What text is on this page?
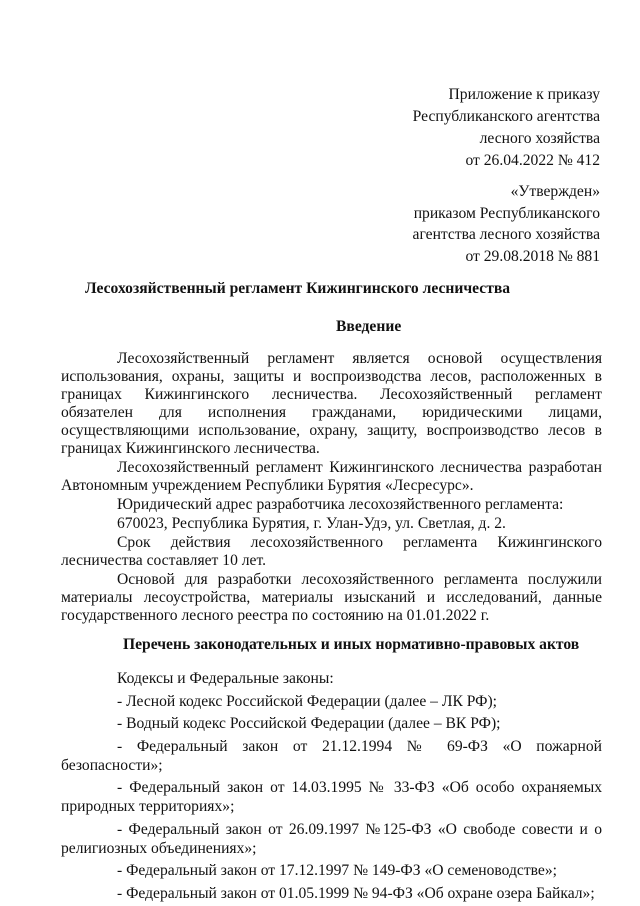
Приложение к приказу
Республиканского агентства
лесного хозяйства
от 26.04.2022 № 412
«Утвержден»
приказом Республиканского
агентства лесного хозяйства
от 29.08.2018 № 881
Лесохозяйственный регламент Кижингинского лесничества
Введение

Лесохозяйственный регламент является основой осуществления использования, охраны, защиты и воспроизводства лесов, расположенных в границах Кижингинского лесничества. Лесохозяйственный регламент обязателен для исполнения гражданами, юридическими лицами, осуществляющими использование, охрану, защиту, воспроизводство лесов в границах Кижингинского лесничества.

Лесохозяйственный регламент Кижингинского лесничества разработан Автономным учреждением Республики Бурятия «Лесресурс».

Юридический адрес разработчика лесохозяйственного регламента:

670023, Республика Бурятия, г. Улан-Удэ, ул. Светлая, д. 2.

Срок действия лесохозяйственного регламента Кижингинского лесничества составляет 10 лет.

Основой для разработки лесохозяйственного регламента послужили материалы лесоустройства, материалы изысканий и исследований, данные государственного лесного реестра по состоянию на 01.01.2022 г.

Перечень законодательных и иных нормативно-правовых актов

Кодексы и Федеральные законы:

- Лесной кодекс Российской Федерации (далее – ЛК РФ);

- Водный кодекс Российской Федерации (далее – ВК РФ);

- Федеральный закон от 21.12.1994 № 69-ФЗ «О пожарной безопасности»;

- Федеральный закон от 14.03.1995 № 33-ФЗ «Об особо охраняемых природных территориях»;

- Федеральный закон от 26.09.1997 №125-ФЗ «О свободе совести и о религиозных объединениях»;

- Федеральный закон от 17.12.1997 № 149-ФЗ «О семеноводстве»;

- Федеральный закон от 01.05.1999 № 94-ФЗ «Об охране озера Байкал»;
